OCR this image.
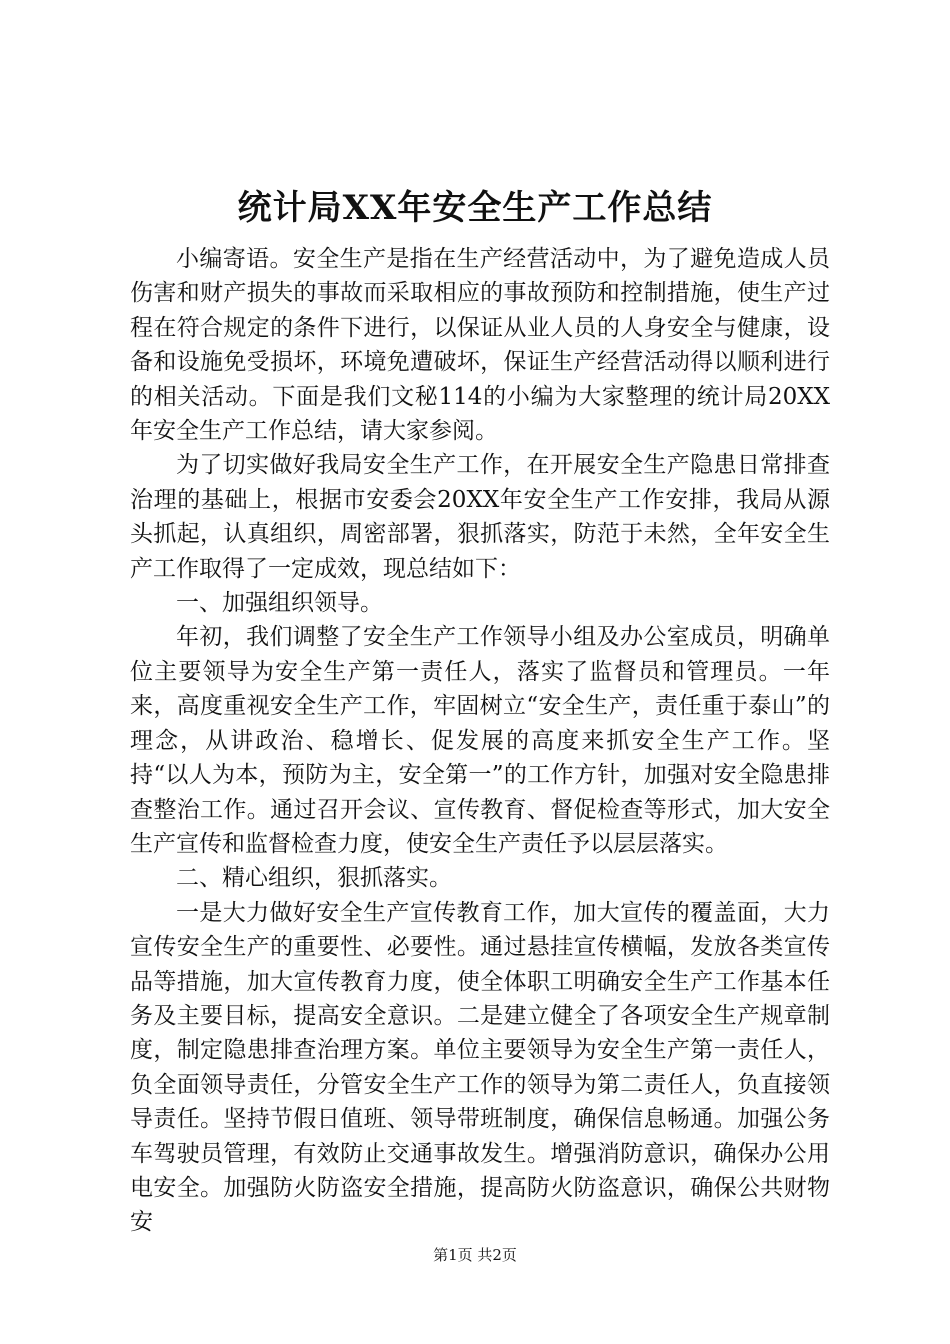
统计局XX年安全生产工作总结

小编寄语。安全生产是指在生产经营活动中，为了避免造成人员伤害和财产损失的事故而采取相应的事故预防和控制措施，使生产过程在符合规定的条件下进行，以保证从业人员的人身安全与健康，设备和设施免受损坏，环境免遭破坏，保证生产经营活动得以顺利进行的相关活动。下面是我们文秘114的小编为大家整理的统计局20XX年安全生产工作总结，请大家参阅。

为了切实做好我局安全生产工作，在开展安全生产隐患日常排查治理的基础上，根据市安委会20XX年安全生产工作安排，我局从源头抓起，认真组织，周密部署，狠抓落实，防范于未然，全年安全生产工作取得了一定成效，现总结如下：

一、加强组织领导。

年初，我们调整了安全生产工作领导小组及办公室成员，明确单位主要领导为安全生产第一责任人，落实了监督员和管理员。一年来，高度重视安全生产工作，牢固树立“安全生产，责任重于泰山”的理念，从讲政治、稳增长、促发展的高度来抓安全生产工作。坚持“以人为本，预防为主，安全第一”的工作方针，加强对安全隐患排查整治工作。通过召开会议、宣传教育、督促检查等形式，加大安全生产宣传和监督检查力度，使安全生产责任予以层层落实。

二、精心组织，狠抓落实。

一是大力做好安全生产宣传教育工作，加大宣传的覆盖面，大力宣传安全生产的重要性、必要性。通过悬挂宣传横幅，发放各类宣传品等措施，加大宣传教育力度，使全体职工明确安全生产工作基本任务及主要目标，提高安全意识。二是建立健全了各项安全生产规章制度，制定隐患排查治理方案。单位主要领导为安全生产第一责任人，负全面领导责任，分管安全生产工作的领导为第二责任人，负直接领导责任。坚持节假日值班、领导带班制度，确保信息畅通。加强公务车驾驶员管理，有效防止交通事故发生。增强消防意识，确保办公用电安全。加强防火防盗安全措施，提高防火防盗意识，确保公共财物安

第1页 共2页
